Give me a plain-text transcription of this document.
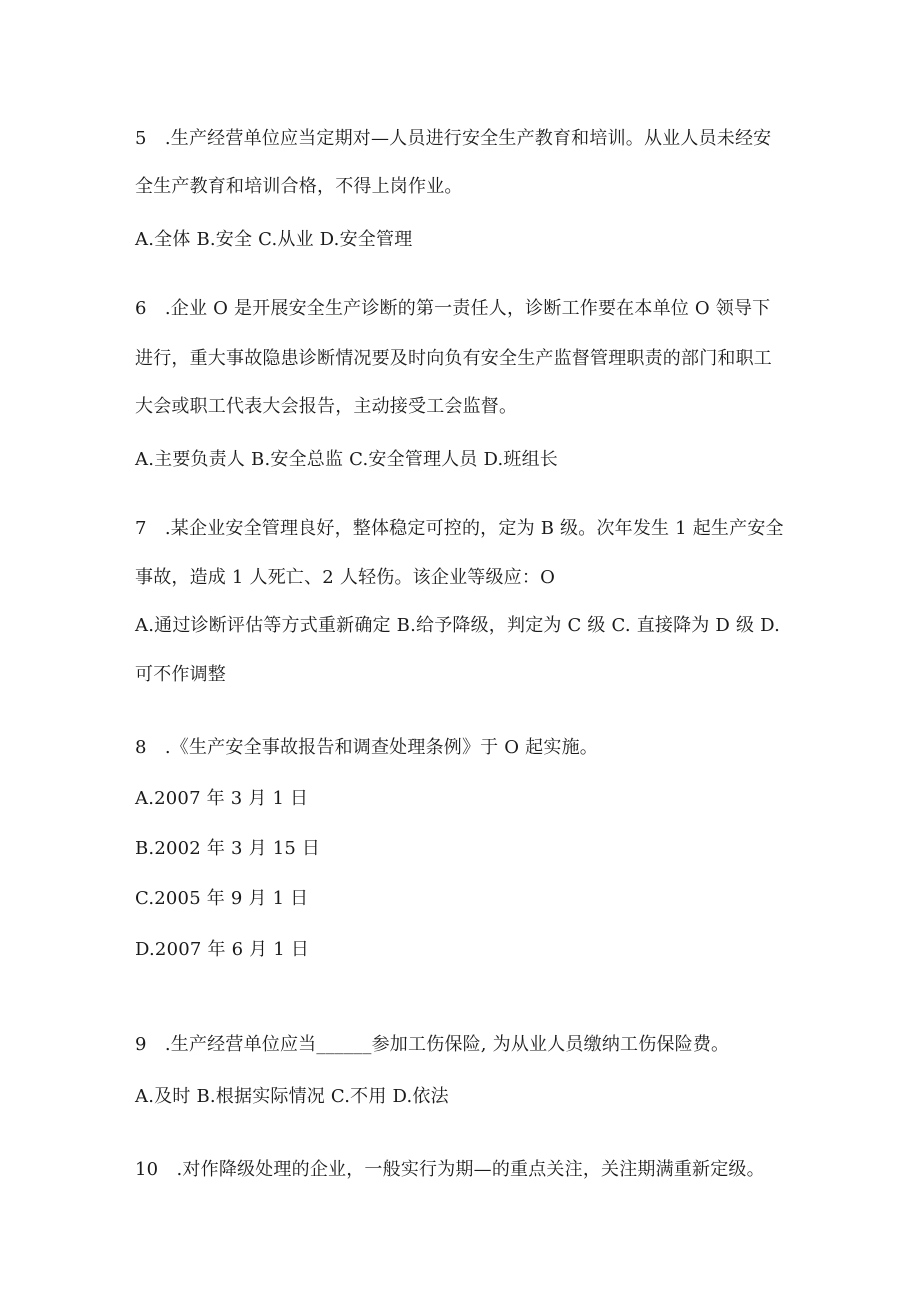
5　.生产经营单位应当定期对—人员进行安全生产教育和培训。从业人员未经安
全生产教育和培训合格，不得上岗作业。
A.全体 B.安全 C.从业 D.安全管理
6　.企业 O 是开展安全生产诊断的第一责任人，诊断工作要在本单位 O 领导下
进行，重大事故隐患诊断情况要及时向负有安全生产监督管理职责的部门和职工
大会或职工代表大会报告，主动接受工会监督。
A.主要负责人 B.安全总监 C.安全管理人员 D.班组长
7　.某企业安全管理良好，整体稳定可控的，定为 B 级。次年发生 1 起生产安全
事故，造成 1 人死亡、2 人轻伤。该企业等级应：O
A.通过诊断评估等方式重新确定 B.给予降级，判定为 C 级 C. 直接降为 D 级 D.
可不作调整
8　.《生产安全事故报告和调查处理条例》于 O 起实施。
A.2007 年 3 月 1 日
B.2002 年 3 月 15 日
C.2005 年 9 月 1 日
D.2007 年 6 月 1 日
9　.生产经营单位应当______参加工伤保险, 为从业人员缴纳工伤保险费。
A.及时 B.根据实际情况 C.不用 D.依法
10　.对作降级处理的企业，一般实行为期—的重点关注，关注期满重新定级。
